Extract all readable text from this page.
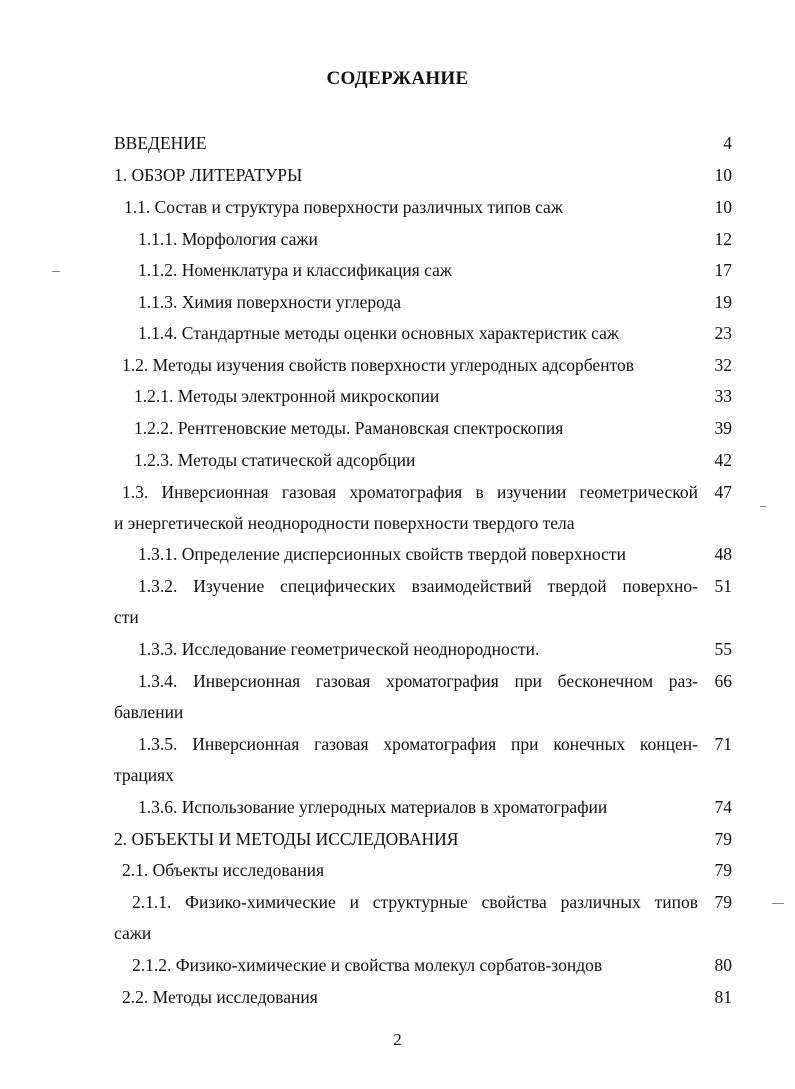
СОДЕРЖАНИЕ
ВВЕДЕНИЕ	4
1. ОБЗОР ЛИТЕРАТУРЫ	10
1.1. Состав и структура поверхности различных типов саж	10
1.1.1. Морфология сажи	12
1.1.2. Номенклатура и классификация саж	17
1.1.3. Химия поверхности углерода	19
1.1.4. Стандартные методы оценки основных характеристик саж	23
1.2. Методы изучения свойств поверхности углеродных адсорбентов	32
1.2.1. Методы электронной микроскопии	33
1.2.2. Рентгеновские методы. Рамановская спектроскопия	39
1.2.3. Методы статической адсорбции	42
1.3. Инверсионная газовая хроматография в изучении геометрической 47
и энергетической неоднородности поверхности твердого тела
1.3.1. Определение дисперсионных свойств твердой поверхности	48
1.3.2. Изучение специфических взаимодействий твердой поверхно- 51
сти
1.3.3. Исследование геометрической неоднородности.	55
1.3.4. Инверсионная газовая хроматография при бесконечном раз- 66
бавлении
1.3.5. Инверсионная газовая хроматография при конечных концен- 71
трациях
1.3.6. Использование углеродных материалов в хроматографии	74
2. ОБЪЕКТЫ И МЕТОДЫ ИССЛЕДОВАНИЯ	79
2.1. Объекты исследования	79
2.1.1. Физико-химические и структурные свойства различных типов 79
сажи
2.1.2. Физико-химические и свойства молекул сорбатов-зондов	80
2.2. Методы исследования	81
2
